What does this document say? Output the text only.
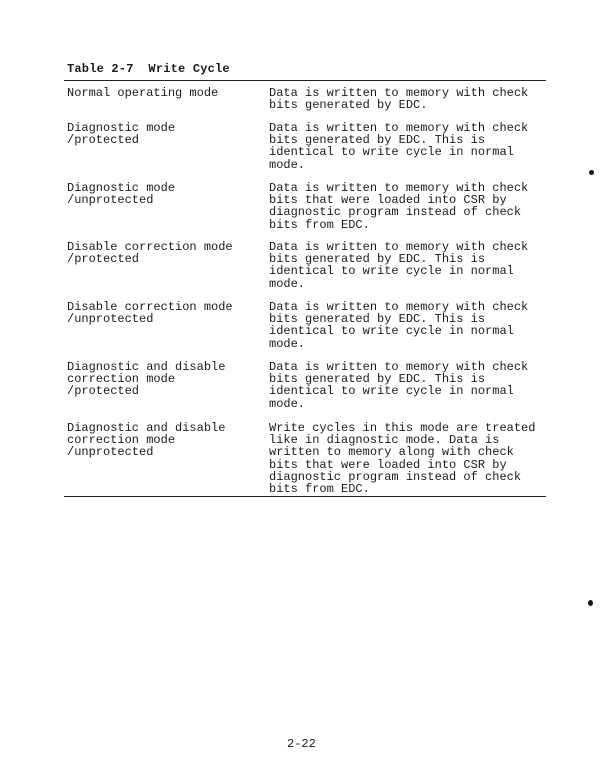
Table 2-7  Write Cycle
Normal operating mode	Data is written to memory with check
bits generated by EDC.
Diagnostic mode
/protected
Data is written to memory with check
bits generated by EDC. This is
identical to write cycle in normal
mode.
Diagnostic mode
/unprotected
Data is written to memory with check
bits that were loaded into CSR by
diagnostic program instead of check
bits from EDC.
Disable correction mode
/protected
Data is written to memory with check
bits generated by EDC. This is
identical to write cycle in normal
mode.
Disable correction mode
/unprotected
Data is written to memory with check
bits generated by EDC. This is
identical to write cycle in normal
mode.
Diagnostic and disable
correction mode
/protected
Data is written to memory with check
bits generated by EDC. This is
identical to write cycle in normal
mode.
Diagnostic and disable
correction mode
/unprotected
Write cycles in this mode are treated
like in diagnostic mode. Data is
written to memory along with check
bits that were loaded into CSR by
diagnostic program instead of check
bits from EDC.
2-22
